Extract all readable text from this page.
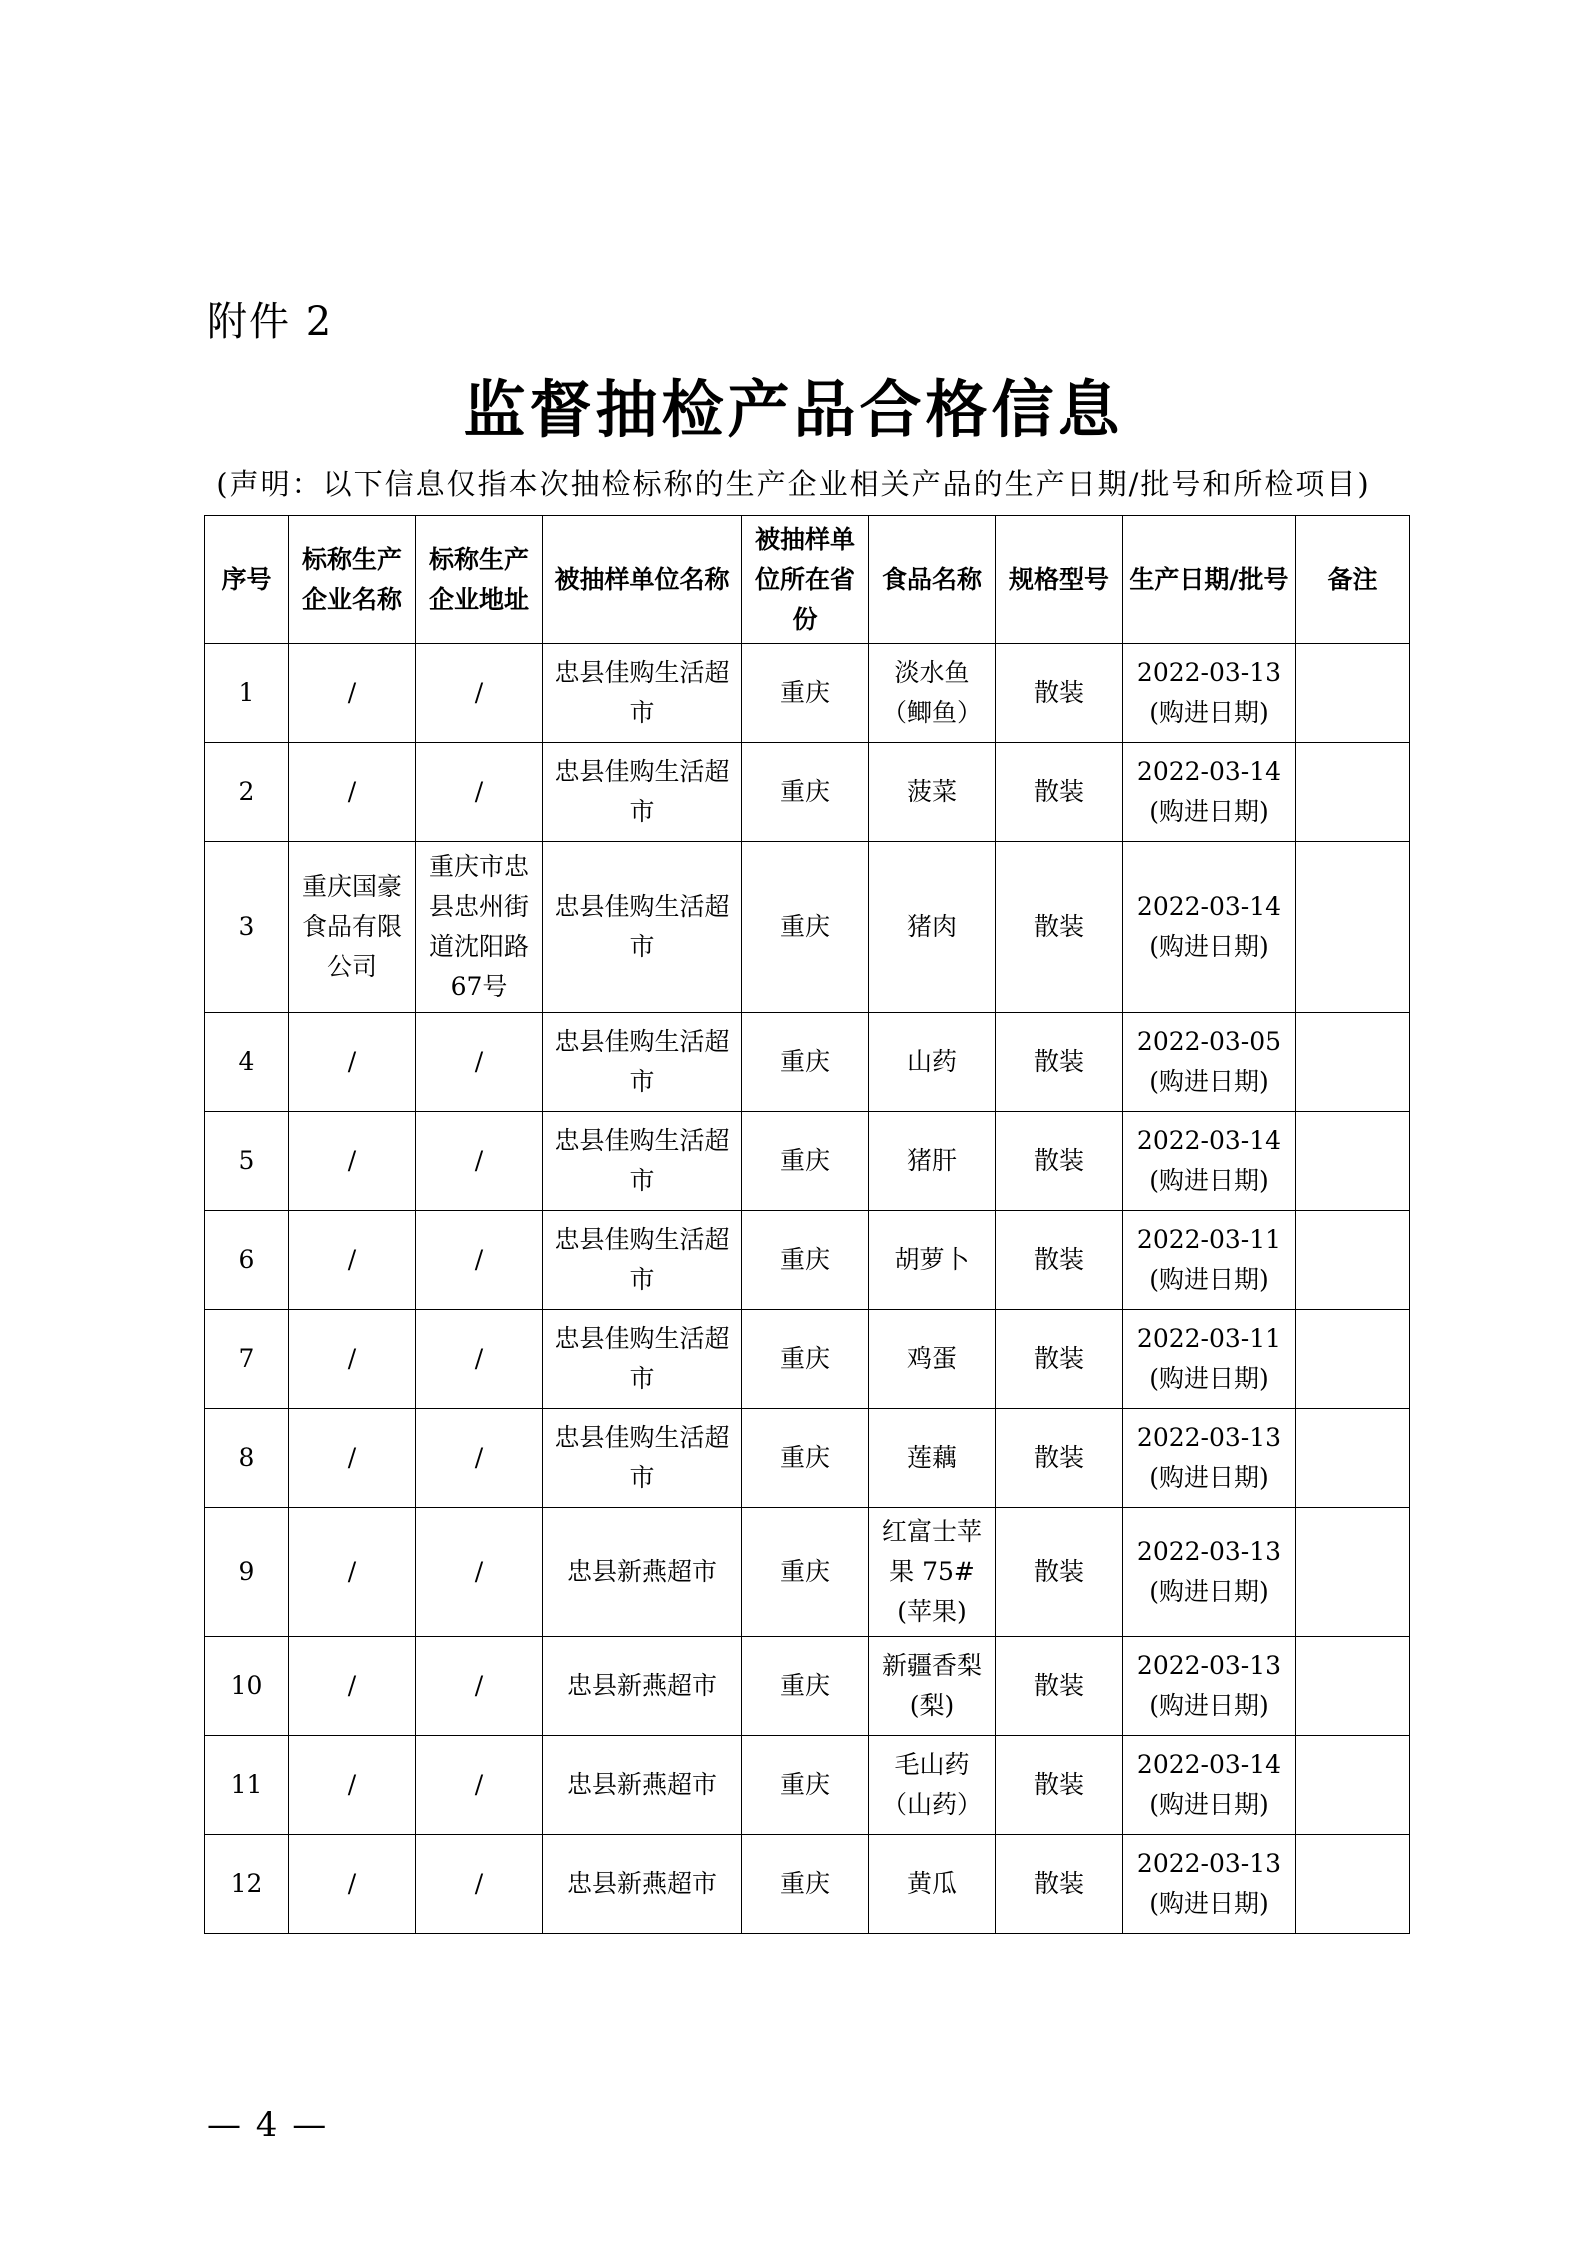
附件 2
监督抽检产品合格信息
(声明：以下信息仅指本次抽检标称的生产企业相关产品的生产日期/批号和所检项目)
序号	标称生产企业名称	标称生产企业地址	被抽样单位名称	被抽样单位所在省份	食品名称	规格型号	生产日期/批号	备注
1	/	/	忠县佳购生活超市	重庆	淡水鱼（鲫鱼）	散装	2022-03-13
(购进日期)	
2	/	/	忠县佳购生活超市	重庆	菠菜	散装	2022-03-14
(购进日期)	
3	重庆国豪食品有限公司	重庆市忠县忠州街道沈阳路67号	忠县佳购生活超市	重庆	猪肉	散装	2022-03-14
(购进日期)	
4	/	/	忠县佳购生活超市	重庆	山药	散装	2022-03-05
(购进日期)	
5	/	/	忠县佳购生活超市	重庆	猪肝	散装	2022-03-14
(购进日期)	
6	/	/	忠县佳购生活超市	重庆	胡萝卜	散装	2022-03-11
(购进日期)	
7	/	/	忠县佳购生活超市	重庆	鸡蛋	散装	2022-03-11
(购进日期)	
8	/	/	忠县佳购生活超市	重庆	莲藕	散装	2022-03-13
(购进日期)	
9	/	/	忠县新燕超市	重庆	红富士苹果 75#(苹果)	散装	2022-03-13
(购进日期)	
10	/	/	忠县新燕超市	重庆	新疆香梨(梨)	散装	2022-03-13
(购进日期)	
11	/	/	忠县新燕超市	重庆	毛山药（山药）	散装	2022-03-14
(购进日期)	
12	/	/	忠县新燕超市	重庆	黄瓜	散装	2022-03-13
(购进日期)	
— 4 —
